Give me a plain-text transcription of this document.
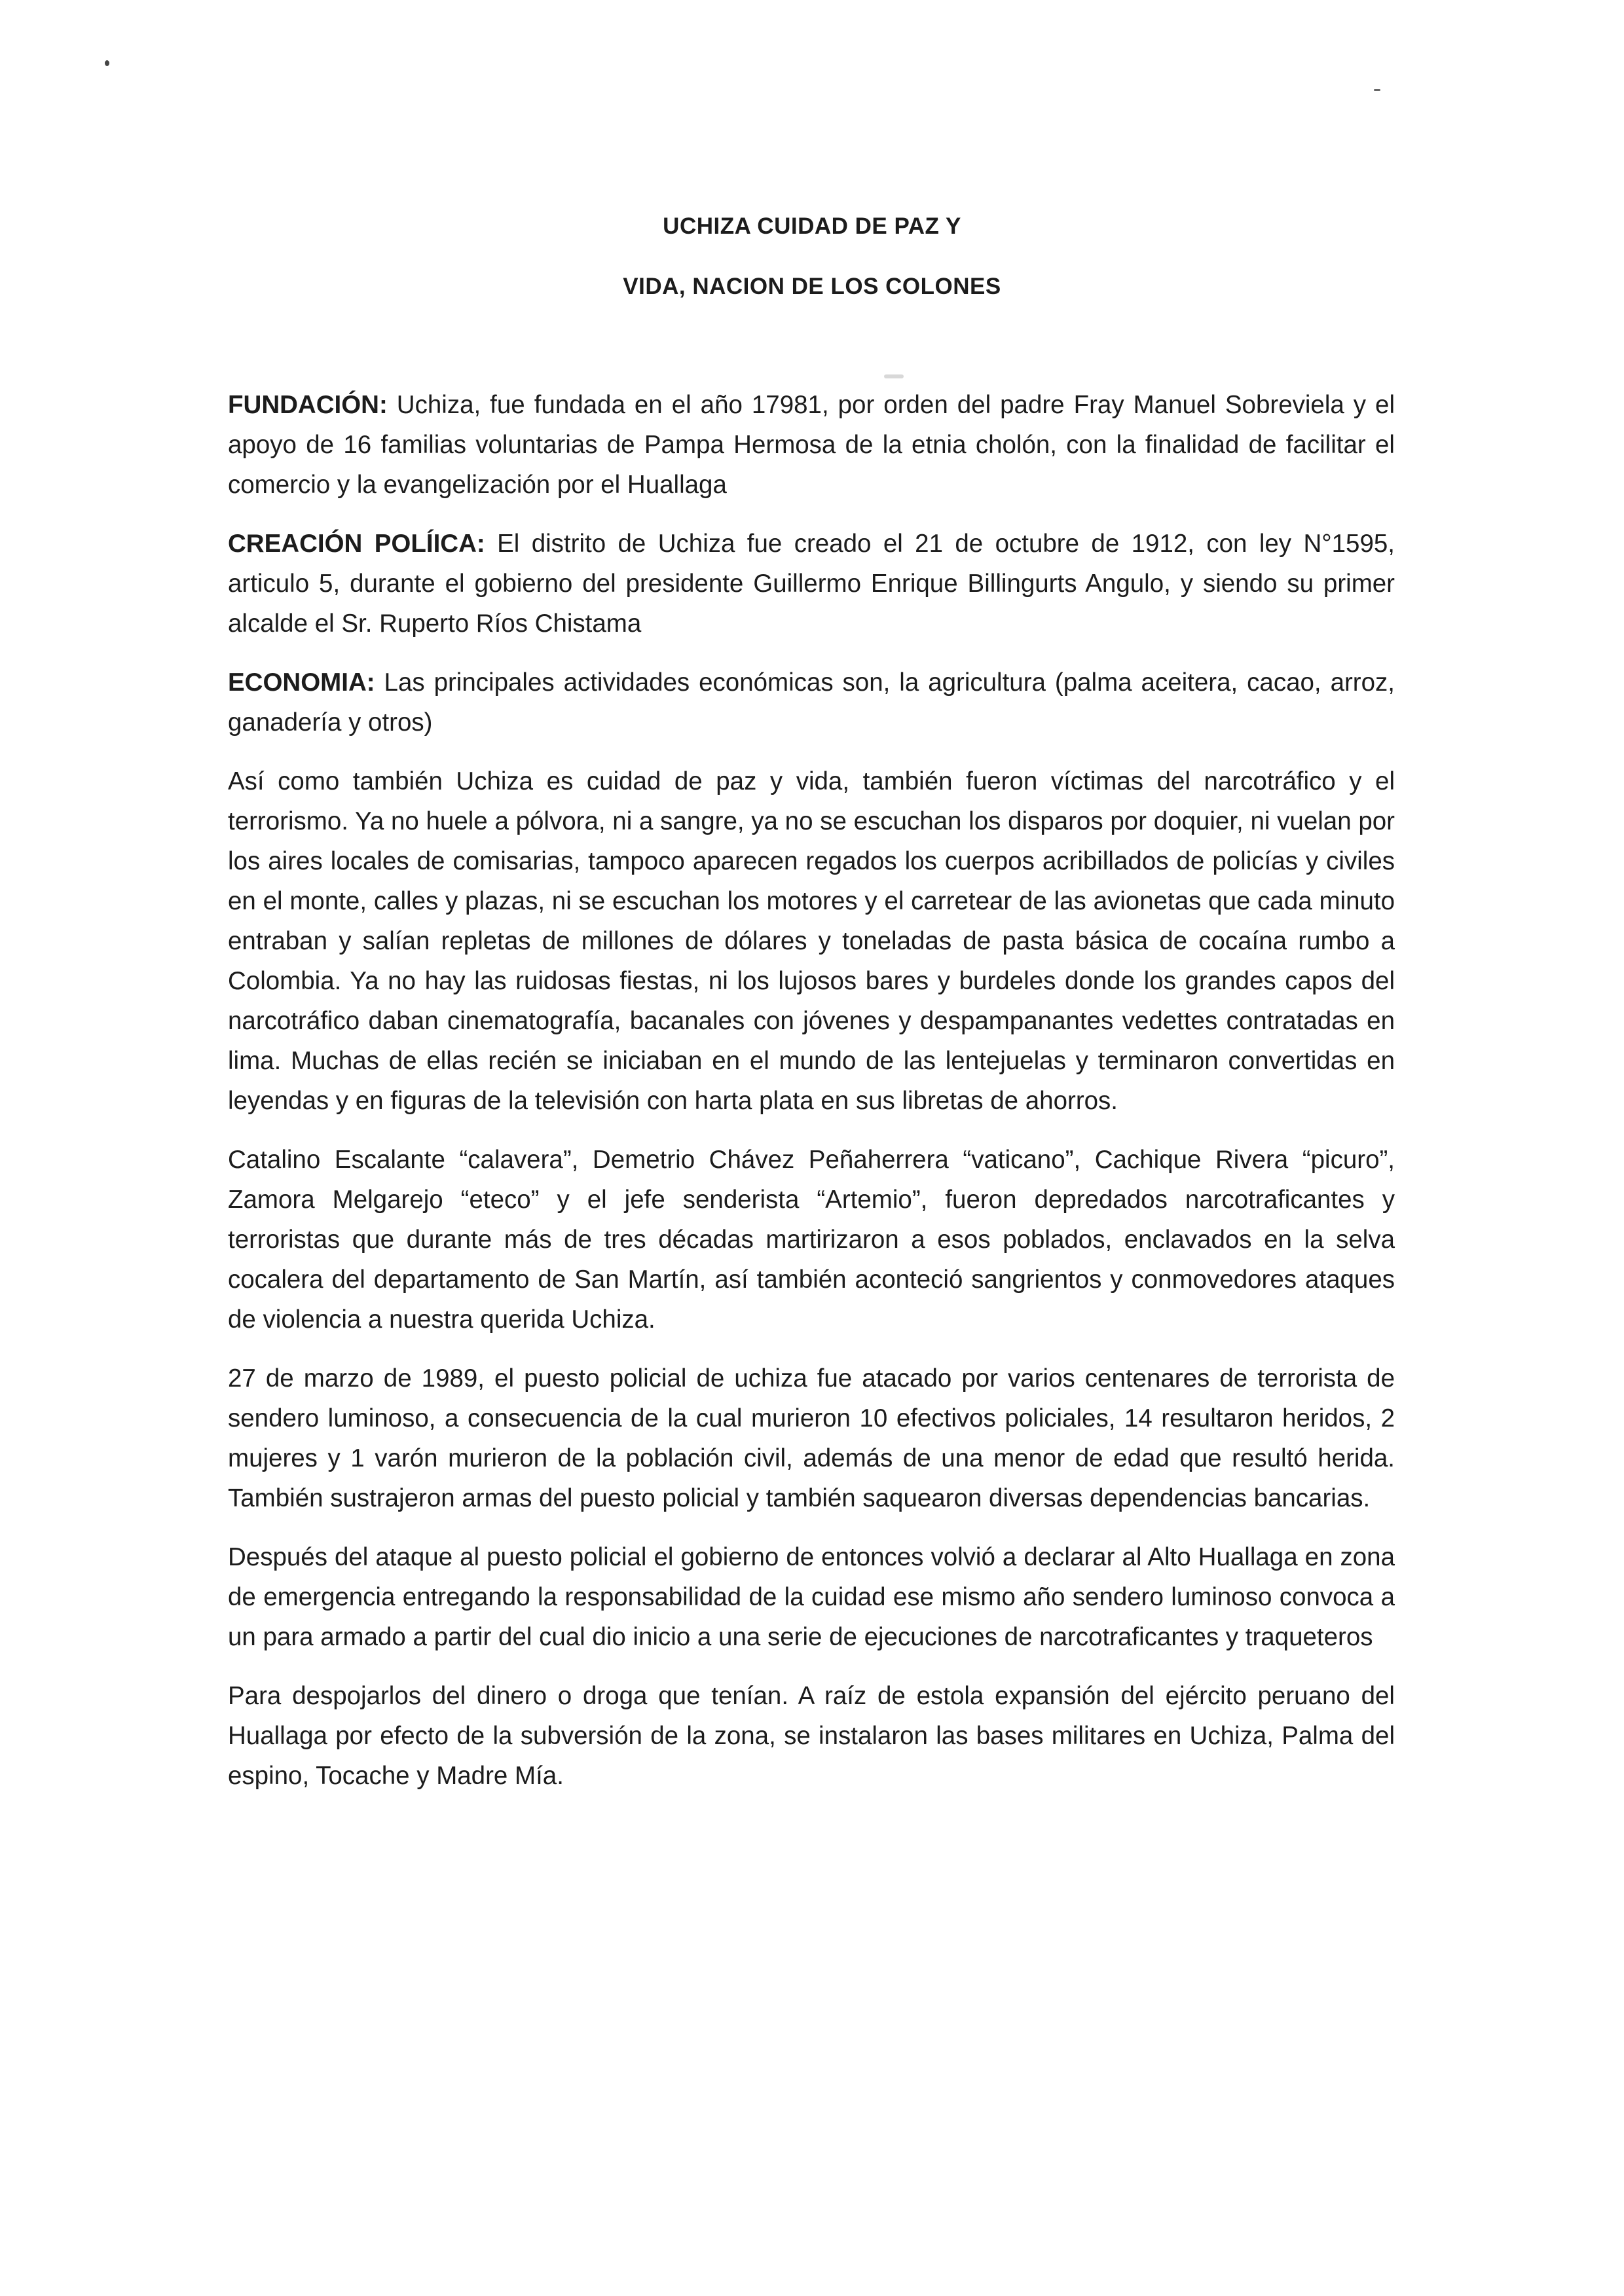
UCHIZA CUIDAD DE PAZ Y
VIDA, NACION DE LOS COLONES

FUNDACIÓN: Uchiza, fue fundada en el año 17981, por orden del padre Fray Manuel Sobreviela y el apoyo de 16 familias voluntarias de Pampa Hermosa de la etnia cholón, con la finalidad de facilitar el comercio y la evangelización por el Huallaga

CREACIÓN POLÍICA: El distrito de Uchiza fue creado el 21 de octubre de 1912, con ley N°1595, articulo 5, durante el gobierno del presidente Guillermo Enrique Billingurts Angulo, y siendo su primer alcalde el Sr. Ruperto Ríos Chistama

ECONOMIA: Las principales actividades económicas son, la agricultura (palma aceitera, cacao, arroz, ganadería y otros)

Así como también Uchiza es cuidad de paz y vida, también fueron víctimas del narcotráfico y el terrorismo. Ya no huele a pólvora, ni a sangre, ya no se escuchan los disparos por doquier, ni vuelan por los aires locales de comisarias, tampoco aparecen regados los cuerpos acribillados de policías y civiles en el monte, calles y plazas, ni se escuchan los motores y el carretear de las avionetas que cada minuto entraban y salían repletas de millones de dólares y toneladas de pasta básica de cocaína rumbo a Colombia. Ya no hay las ruidosas fiestas, ni los lujosos bares y burdeles donde los grandes capos del narcotráfico daban cinematografía, bacanales con jóvenes y despampanantes vedettes contratadas en lima. Muchas de ellas recién se iniciaban en el mundo de las lentejuelas y terminaron convertidas en leyendas y en figuras de la televisión con harta plata en sus libretas de ahorros.

Catalino Escalante “calavera”, Demetrio Chávez Peñaherrera “vaticano”, Cachique Rivera “picuro”, Zamora Melgarejo “eteco” y el jefe senderista “Artemio”, fueron depredados narcotraficantes y terroristas que durante más de tres décadas martirizaron a esos poblados, enclavados en la selva cocalera del departamento de San Martín, así también aconteció sangrientos y conmovedores ataques de violencia a nuestra querida Uchiza.

27 de marzo de 1989, el puesto policial de uchiza fue atacado por varios centenares de terrorista de sendero luminoso, a consecuencia de la cual murieron 10 efectivos policiales, 14 resultaron heridos, 2 mujeres y 1 varón murieron de la población civil, además de una menor de edad que resultó herida. También sustrajeron armas del puesto policial y también saquearon diversas dependencias bancarias.

Después del ataque al puesto policial el gobierno de entonces volvió a declarar al Alto Huallaga en zona de emergencia entregando la responsabilidad de la cuidad ese mismo año sendero luminoso convoca a un para armado a partir del cual dio inicio a una serie de ejecuciones de narcotraficantes y traqueteros

Para despojarlos del dinero o droga que tenían. A raíz de estola expansión del ejército peruano del Huallaga por efecto de la subversión de la zona, se instalaron las bases militares en Uchiza, Palma del espino, Tocache y Madre Mía.
